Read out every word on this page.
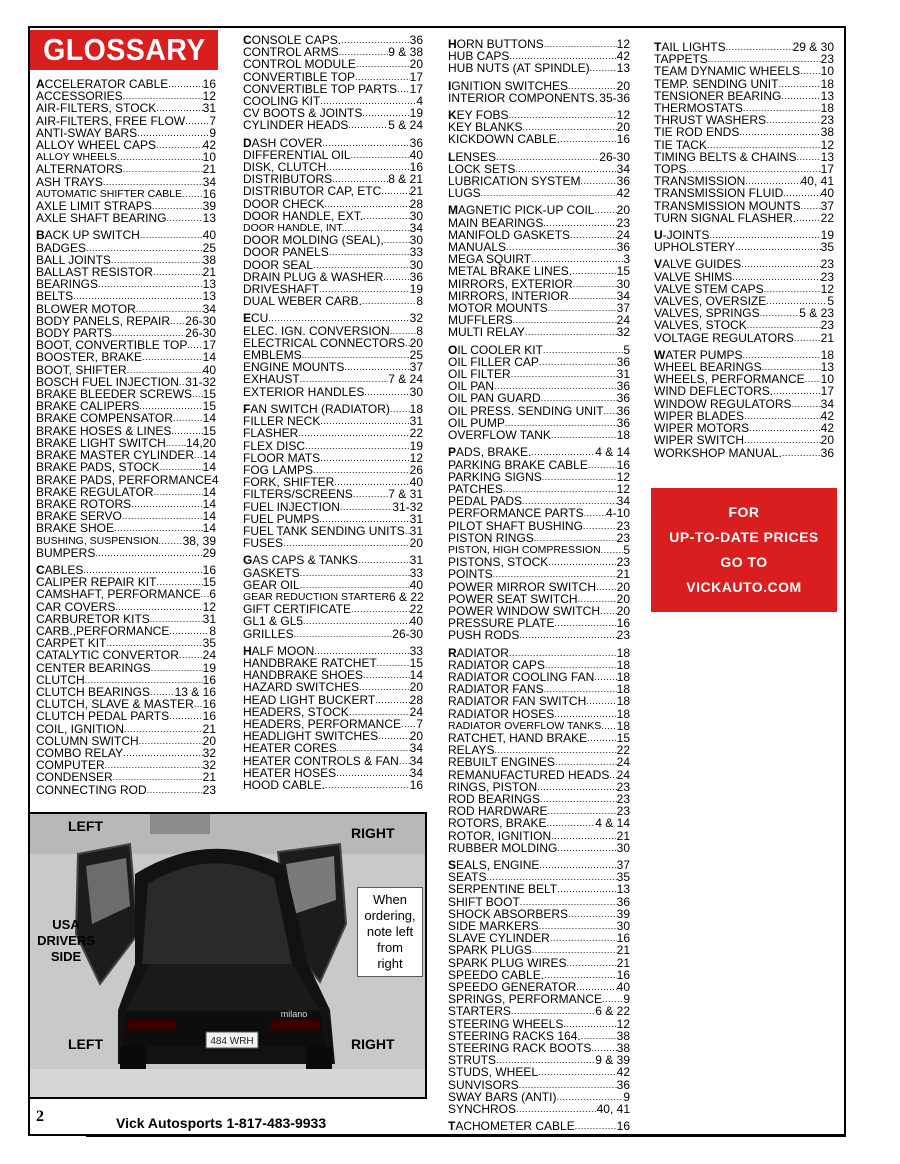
GLOSSARY
ACCELERATOR CABLE .....	16
ACCESSORIES .....	12
AIR-FILTERS, STOCK .....	31
AIR-FILTERS, FREE FLOW ..... 7
ANTI-SWAY BARS .....	9
ALLOY WHEEL CAPS .....	42
ALLOY WHEELS .....	10
ALTERNATORS .....	21
ASH TRAYS .....	34
AUTOMATIC SHIFTER CABLE ..... 16
AXLE LIMIT STRAPS .....	39
AXLE SHAFT BEARING .....	13
BACK UP SWITCH .....	40
BADGES .....	25
BALL JOINTS .....	38
BALLAST RESISTOR .....	21
BEARINGS .....	13
BELTS .....	13
BLOWER MOTOR .....	34
BODY PANELS, REPAIR ..... 26-30
BODY PARTS .....	26-30
BOOT, CONVERTIBLE TOP ..... 17
BOOSTER, BRAKE .....	14
BOOT, SHIFTER .....	40
BOSCH FUEL INJECTION ..... 31-32
BRAKE BLEEDER SCREWS ..... 15
BRAKE CALIPERS .....	15
BRAKE COMPENSATOR ..... 14
BRAKE HOSES & LINES .....	15
BRAKE LIGHT SWITCH ..... 14,20
BRAKE MASTER CYLINDER ..... 14
BRAKE PADS, STOCK .....	14
BRAKE PADS, PERFORMANCE 4
BRAKE REGULATOR .....	14
BRAKE ROTORS .....	14
BRAKE SERVO .....	14
BRAKE SHOE .....	14
BUSHING, SUSPENSION ..... 38, 39
BUMPERS .....	29
CABLES .....	16
CALIPER REPAIR KIT .....	15
CAMSHAFT, PERFORMANCE ..... 6
CAR COVERS .....	12
CARBURETOR KITS .....	31
CARB.,PERFORMANCE .....	8
CARPET KIT .....	35
CATALYTIC CONVERTOR ..... 24
CENTER BEARINGS .....	19
CLUTCH .....	16
CLUTCH BEARINGS ..... 13 & 16
CLUTCH, SLAVE & MASTER ..... 16
CLUTCH PEDAL PARTS .....	16
COIL, IGNITION .....	21
COLUMN SWITCH .....	20
COMBO RELAY .....	32
COMPUTER .....	32
CONDENSER .....	21
CONNECTING ROD .....	23
CONSOLE CAPS. .....	36
CONTROL ARMS .....	9 & 38
CONTROL MODULE .....	20
CONVERTIBLE TOP .....	17
CONVERTIBLE TOP PARTS ..... 17
COOLING KIT .....	4
CV BOOTS & JOINTS .....	19
CYLINDER HEADS .....	5 & 24
DASH COVER .....	36
DIFFERENTIAL OIL .....	40
DISK, CLUTCH .....	16
DISTRIBUTORS .....	8 & 21
DISTRIBUTOR CAP, ETC ..... 21
DOOR CHECK .....	28
DOOR HANDLE, EXT. .....	30
DOOR HANDLE, INT. .....	34
DOOR MOLDING (SEAL), ..... 30
DOOR PANELS .....	33
DOOR SEAL .....	30
DRAIN PLUG & WASHER ..... 36
DRIVESHAFT .....	19
DUAL WEBER CARB. .....	8
ECU .....	32
ELEC. IGN. CONVERSION ..... 8
ELECTRICAL CONNECTORS ..... 20
EMBLEMS .....	25
ENGINE MOUNTS .....	37
EXHAUST .....	7 & 24
EXTERIOR HANDLES .....	30
FAN SWITCH (RADIATOR) ..... 18
FILLER NECK .....	31
FLASHER .....	22
FLEX DISC .....	19
FLOOR MATS .....	12
FOG LAMPS .....	26
FORK, SHIFTER .....	40
FILTERS/SCREENS .....	7 & 31
FUEL INJECTION .....	31-32
FUEL PUMPS .....	31
FUEL TANK SENDING UNITS ..... 31
FUSES .....	20
GAS CAPS & TANKS .....	31
GASKETS .....	33
GEAR OIL .....	40
GEAR REDUCTION STARTER 6 & 22
GIFT CERTIFICATE .....	22
GL1 & GL5 .....	40
GRILLES .....	26-30
HALF MOON .....	33
HANDBRAKE RATCHET .....	15
HANDBRAKE SHOES .....	14
HAZARD SWITCHES .....	20
HEAD LIGHT BUCKERT .....	28
HEADERS, STOCK .....	24
HEADERS, PERFORMANCE ..... 7
HEADLIGHT SWITCHES .....	20
HEATER CORES .....	34
HEATER CONTROLS & FAN ..... 34
HEATER HOSES .....	34
HOOD CABLE. .....	16
HORN BUTTONS .....	12
HUB CAPS .....	42
HUB NUTS (AT SPINDLE) ..... 13
IGNITION SWITCHES .....	20
INTERIOR COMPONENTS. ..... 35-36
KEY FOBS .....	12
KEY BLANKS .....	20
KICKDOWN CABLE. .....	16
LENSES .....	26-30
LOCK SETS .....	34
LUBRICATION SYSTEM .....	36
LUGS .....	42
MAGNETIC PICK-UP COIL ..... 20
MAIN BEARINGS .....	23
MANIFOLD GASKETS .....	24
MANUALS .....	36
MEGA SQUIRT .....	3
METAL BRAKE LINES. .....	15
MIRRORS, EXTERIOR .....	30
MIRRORS, INTERIOR .....	34
MOTOR MOUNTS .....	37
MUFFLERS .....	24
MULTI RELAY .....	32
OIL COOLER KIT .....	5
OIL FILLER CAP .....	36
OIL FILTER .....	31
OIL PAN .....	36
OIL PAN GUARD .....	36
OIL PRESS. SENDING UNIT ..... 36
OIL PUMP .....	36
OVERFLOW TANK .....	18
PADS, BRAKE. .....	4 & 14
PARKING BRAKE CABLE ..... 16
PARKING SIGNS .....	12
PATCHES .....	12
PEDAL PADS .....	34
PERFORMANCE PARTS ..... 4-10
PILOT SHAFT BUSHING .....	23
PISTON RINGS .....	23
PISTON, HIGH COMPRESSION ..... 5
PISTONS, STOCK .....	23
POINTS .....	21
POWER MIRROR SWITCH ..... 20
POWER SEAT SWITCH .....	20
POWER WINDOW SWITCH ..... 20
PRESSURE PLATE .....	16
PUSH RODS .....	23
RADIATOR .....	18
RADIATOR CAPS .....	18
RADIATOR COOLING FAN ..... 18
RADIATOR FANS .....	18
RADIATOR FAN SWITCH .....	18
RADIATOR HOSES .....	18
RADIATOR OVERFLOW TANKS ..... 18
RATCHET, HAND BRAKE ..... 15
RELAYS .....	22
REBUILT ENGINES .....	24
REMANUFACTURED HEADS ..... 24
RINGS, PISTON .....	23
ROD BEARINGS .....	23
ROD HARDWARE .....	23
ROTORS, BRAKE .....	4 & 14
ROTOR, IGNITION .....	21
RUBBER MOLDING .....	30
SEALS, ENGINE .....	37
SEATS .....	35
SERPENTINE BELT .....	13
SHIFT BOOT .....	36
SHOCK ABSORBERS .....	39
SIDE MARKERS .....	30
SLAVE CYLINDER .....	16
SPARK PLUGS .....	21
SPARK PLUG WIRES .....	21
SPEEDO CABLE. .....	16
SPEEDO GENERATOR .....	40
SPRINGS, PERFORMANCE ..... 9
STARTERS .....	6 & 22
STEERING WHEELS .....	12
STEERING RACKS 164. .....	38
STEERING RACK BOOTS ..... 38
STRUTS .....	9 & 39
STUDS, WHEEL .....	42
SUNVISORS .....	36
SWAY BARS (ANTI) .....	9
SYNCHROS .....	40, 41
TACHOMETER CABLE .....	16
TAIL LIGHTS .....	29 & 30
TAPPETS .....	23
TEAM DYNAMIC WHEELS ..... 10
TEMP. SENDING UNIT .....	18
TENSIONER BEARING .....	13
THERMOSTATS .....	18
THRUST WASHERS .....	23
TIE ROD ENDS .....	38
TIE TACK .....	12
TIMING BELTS & CHAINS ..... 13
TOPS .....	17
TRANSMISSION .....	40, 41
TRANSMISSION FLUID .....	40
TRANSMISSION MOUNTS ..... 37
TURN SIGNAL FLASHER. ..... 22
U-JOINTS .....	19
UPHOLSTERY .....	35
VALVE GUIDES .....	23
VALVE SHIMS .....	23
VALVE STEM CAPS .....	12
VALVES, OVERSIZE .....	5
VALVES, SPRINGS .....	5 & 23
VALVES, STOCK .....	23
VOLTAGE REGULATORS ..... 21
WATER PUMPS .....	18
WHEEL BEARINGS .....	13
WHEELS, PERFORMANCE ..... 10
WIND DEFLECTORS. .....	17
WINDOW REGULATORS ..... 34
WIPER BLADES .....	42
WIPER MOTORS .....	42
WIPER SWITCH .....	20
WORKSHOP MANUAL. .....	36
FOR
UP-TO-DATE PRICES
GO TO
VICKAUTO.COM
484 WRH
milano
LEFT	RIGHT
LEFT	RIGHT
USA
DRIVERS
SIDE
When
ordering,
note left
from
right
2	Vick Autosports 1-817-483-9933
